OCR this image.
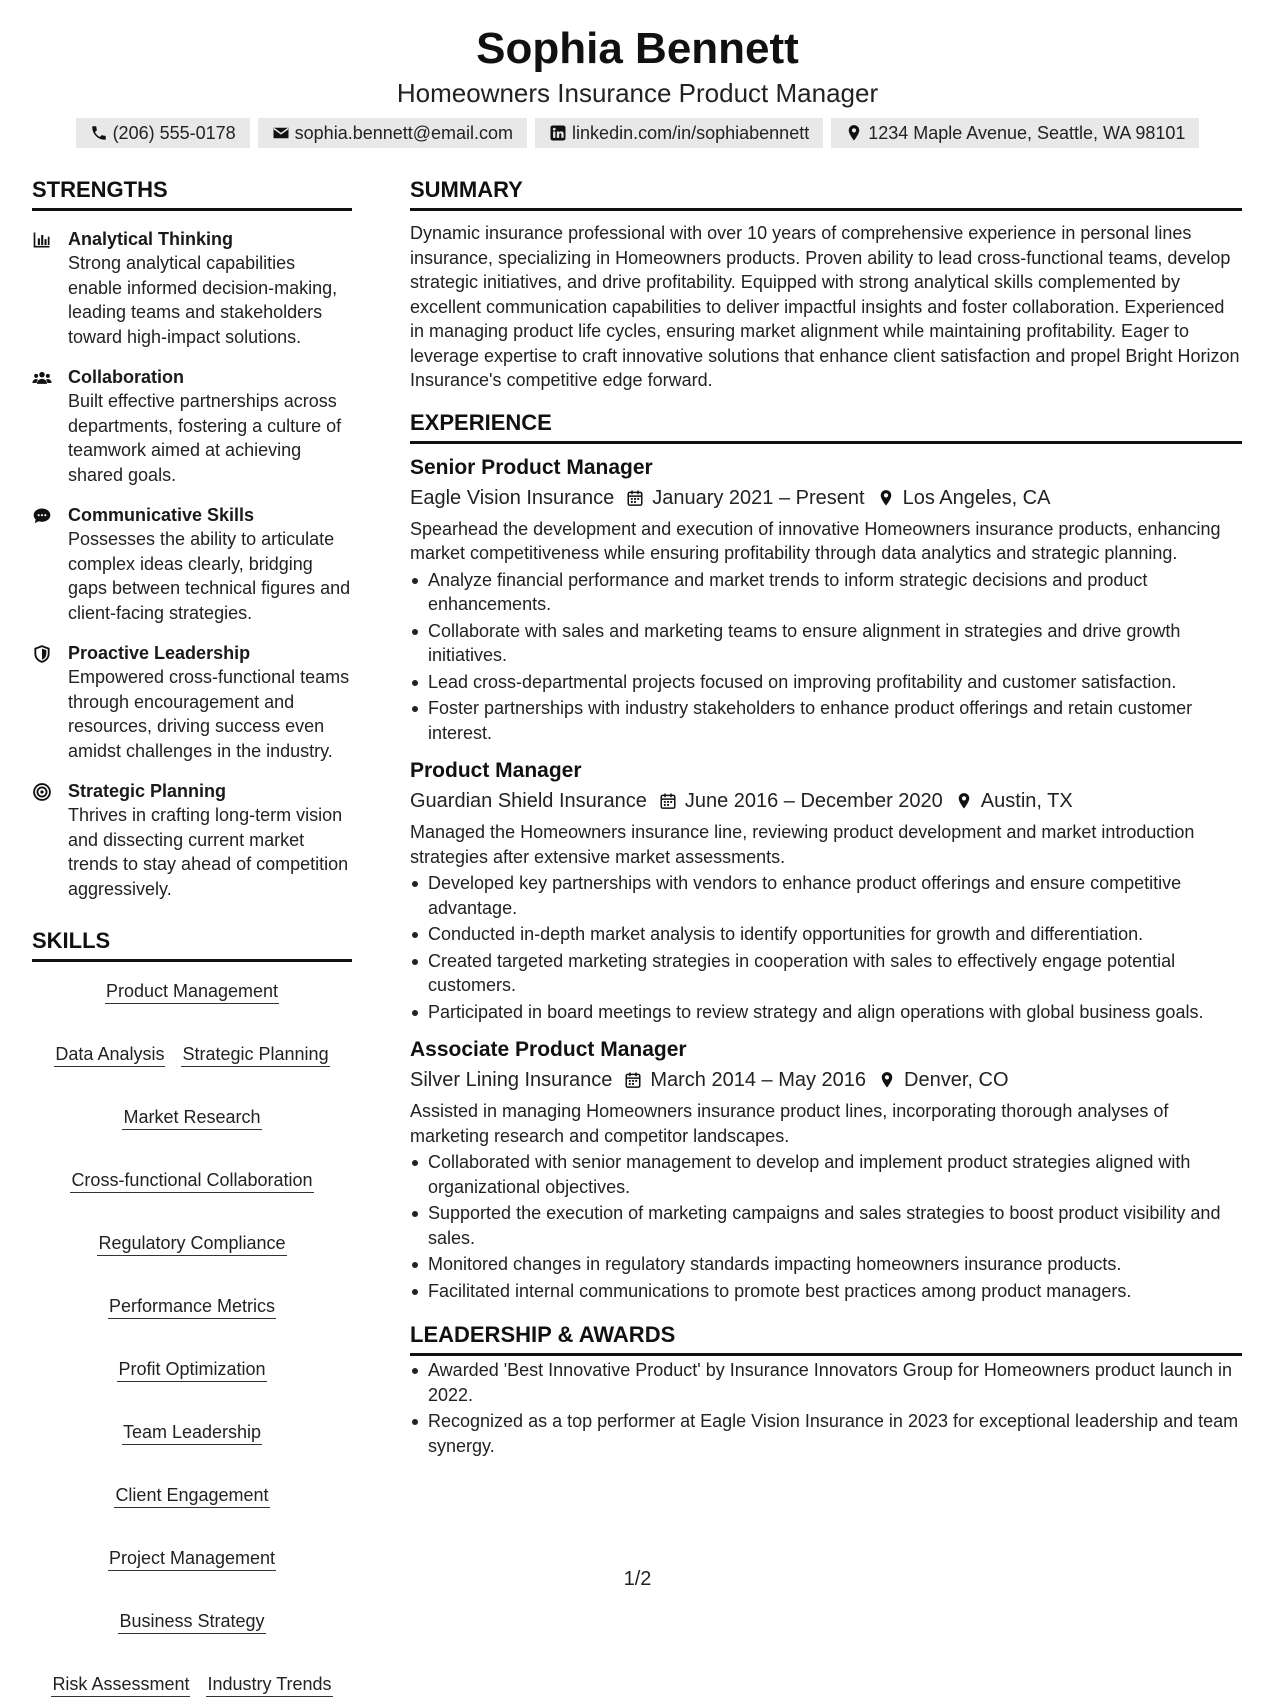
Sophia Bennett
Homeowners Insurance Product Manager
(206) 555-0178	sophia.bennett@email.com	linkedin.com/in/sophiabennett	1234 Maple Avenue, Seattle, WA 98101
STRENGTHS
Analytical Thinking
Strong analytical capabilities enable informed decision-making, leading teams and stakeholders toward high-impact solutions.
Collaboration
Built effective partnerships across departments, fostering a culture of teamwork aimed at achieving shared goals.
Communicative Skills
Possesses the ability to articulate complex ideas clearly, bridging gaps between technical figures and client-facing strategies.
Proactive Leadership
Empowered cross-functional teams through encouragement and resources, driving success even amidst challenges in the industry.
Strategic Planning
Thrives in crafting long-term vision and dissecting current market trends to stay ahead of competition aggressively.
SKILLS
Product Management
Data Analysis Strategic Planning
Market Research
Cross-functional Collaboration
Regulatory Compliance
Performance Metrics
Profit Optimization
Team Leadership
Client Engagement
Project Management
Business Strategy
Risk Assessment Industry Trends
SUMMARY
Dynamic insurance professional with over 10 years of comprehensive experience in personal lines insurance, specializing in Homeowners products. Proven ability to lead cross-functional teams, develop strategic initiatives, and drive profitability. Equipped with strong analytical skills complemented by excellent communication capabilities to deliver impactful insights and foster collaboration. Experienced in managing product life cycles, ensuring market alignment while maintaining profitability. Eager to leverage expertise to craft innovative solutions that enhance client satisfaction and propel Bright Horizon Insurance's competitive edge forward.
EXPERIENCE
Senior Product Manager
Eagle Vision Insurance January 2021 – Present Los Angeles, CA
Spearhead the development and execution of innovative Homeowners insurance products, enhancing market competitiveness while ensuring profitability through data analytics and strategic planning.
Analyze financial performance and market trends to inform strategic decisions and product enhancements.
Collaborate with sales and marketing teams to ensure alignment in strategies and drive growth initiatives.
Lead cross-departmental projects focused on improving profitability and customer satisfaction.
Foster partnerships with industry stakeholders to enhance product offerings and retain customer interest.
Product Manager
Guardian Shield Insurance June 2016 – December 2020 Austin, TX
Managed the Homeowners insurance line, reviewing product development and market introduction strategies after extensive market assessments.
Developed key partnerships with vendors to enhance product offerings and ensure competitive advantage.
Conducted in-depth market analysis to identify opportunities for growth and differentiation.
Created targeted marketing strategies in cooperation with sales to effectively engage potential customers.
Participated in board meetings to review strategy and align operations with global business goals.
Associate Product Manager
Silver Lining Insurance March 2014 – May 2016 Denver, CO
Assisted in managing Homeowners insurance product lines, incorporating thorough analyses of marketing research and competitor landscapes.
Collaborated with senior management to develop and implement product strategies aligned with organizational objectives.
Supported the execution of marketing campaigns and sales strategies to boost product visibility and sales.
Monitored changes in regulatory standards impacting homeowners insurance products.
Facilitated internal communications to promote best practices among product managers.
LEADERSHIP & AWARDS
Awarded 'Best Innovative Product' by Insurance Innovators Group for Homeowners product launch in 2022.
Recognized as a top performer at Eagle Vision Insurance in 2023 for exceptional leadership and team synergy.
1/2
